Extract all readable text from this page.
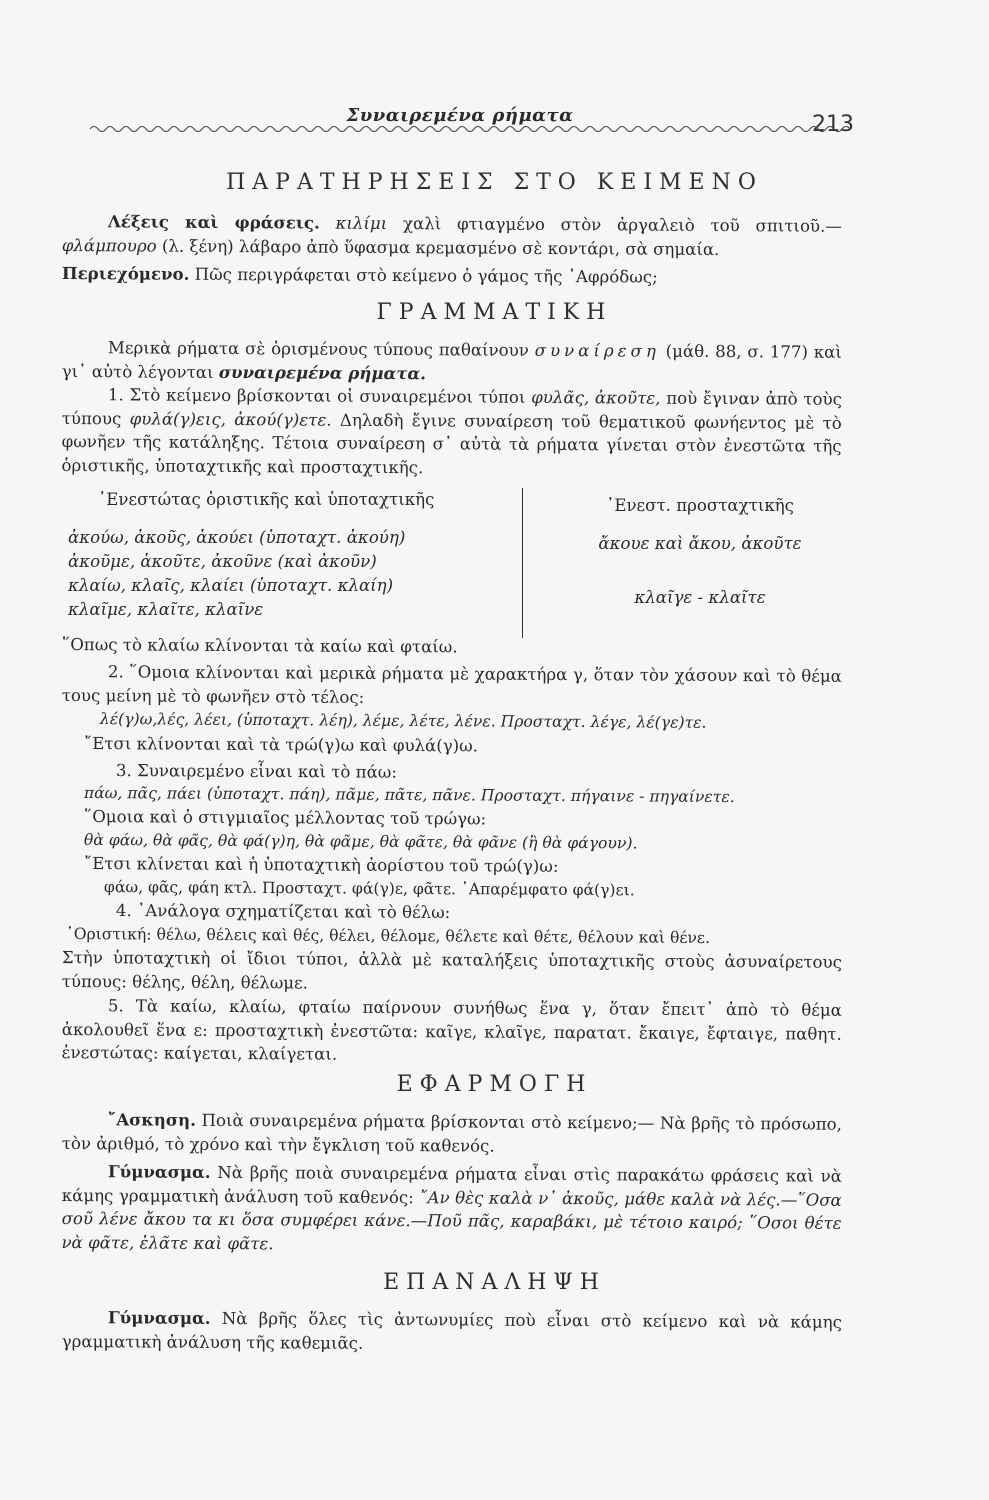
Συναιρεμένα ρήματα	213
ΠΑΡΑΤΗΡΗΣΕΙΣ ΣΤΟ ΚΕΙΜΕΝΟ
Λέξεις καὶ φράσεις. κιλίμι χαλὶ φτιαγμένο στὸν ἀργαλειὸ τοῦ σπιτιοῦ.— φλάμπουρο (λ. ξένη) λάβαρο ἀπὸ ὕφασμα κρεμασμένο σὲ κοντάρι, σὰ σημαία.
Περιεχόμενο. Πῶς περιγράφεται στὸ κείμενο ὁ γάμος τῆς ᾿Αφρόδως;
ΓΡΑΜΜΑΤΙΚΗ
Μερικὰ ρήματα σὲ ὁρισμένους τύπους παθαίνουν συναίρεση (μάθ. 88, σ. 177) καὶ γι᾿ αὐτὸ λέγονται συναιρεμένα ρήματα.
1. Στὸ κείμενο βρίσκονται οἱ συναιρεμένοι τύποι φυλᾶς, ἀκοῦτε, ποὺ ἔγιναν ἀπὸ τοὺς τύπους φυλά(γ)εις, ἀκού(γ)ετε. Δηλαδὴ ἔγινε συναίρεση τοῦ θεματικοῦ φωνήεντος μὲ τὸ φωνῆεν τῆς κατάληξης. Τέτοια συναίρεση σ᾿ αὐτὰ τὰ ρήματα γίνεται στὸν ἐνεστῶτα τῆς ὁριστικῆς, ὑποταχτικῆς καὶ προσταχτικῆς.
᾿Ενεστώτας ὁριστικῆς καὶ ὑποταχτικῆς
ἀκούω, ἀκοῦς, ἀκούει (ὑποταχτ. ἀκούη)
ἀκοῦμε, ἀκοῦτε, ἀκοῦνε (καὶ ἀκοῦν)
κλαίω, κλαῖς, κλαίει (ὑποταχτ. κλαίη)
κλαῖμε, κλαῖτε, κλαῖνε
᾿Ενεστ. προσταχτικῆς
ἄκουε καὶ ἄκου, ἀκοῦτε
κλαῖγε - κλαῖτε
῞Οπως τὸ κλαίω κλίνονται τὰ καίω καὶ φταίω.
2. ῞Ομοια κλίνονται καὶ μερικὰ ρήματα μὲ χαρακτήρα γ, ὅταν τὸν χάσουν καὶ τὸ θέμα τους μείνη μὲ τὸ φωνῆεν στὸ τέλος:
λέ(γ)ω,λές, λέει, (ὑποταχτ. λέη), λέμε, λέτε, λένε. Προσταχτ. λέγε, λέ(γε)τε.
῎Ετσι κλίνονται καὶ τὰ τρώ(γ)ω καὶ φυλά(γ)ω.
3. Συναιρεμένο εἶναι καὶ τὸ πάω:
πάω, πᾶς, πάει (ὑποταχτ. πάη), πᾶμε, πᾶτε, πᾶνε. Προσταχτ. πήγαινε - πηγαίνετε.
῞Ομοια καὶ ὁ στιγμιαῖος μέλλοντας τοῦ τρώγω:
θὰ φάω, θὰ φᾶς, θὰ φά(γ)η, θὰ φᾶμε, θὰ φᾶτε, θὰ φᾶνε (ἢ θὰ φάγουν).
῎Ετσι κλίνεται καὶ ἡ ὑποταχτικὴ ἀορίστου τοῦ τρώ(γ)ω:
φάω, φᾶς, φάη κτλ. Προσταχτ. φά(γ)ε, φᾶτε. ᾿Απαρέμφατο φά(γ)ει.
4. ᾿Ανάλογα σχηματίζεται καὶ τὸ θέλω:
῾Οριστική: θέλω, θέλεις καὶ θές, θέλει, θέλομε, θέλετε καὶ θέτε, θέλουν καὶ θένε.
Στὴν ὑποταχτικὴ οἱ ἴδιοι τύποι, ἀλλὰ μὲ καταλήξεις ὑποταχτικῆς στοὺς ἀσυναίρετους τύπους: θέλης, θέλη, θέλωμε.
5. Τὰ καίω, κλαίω, φταίω παίρνουν συνήθως ἕνα γ, ὅταν ἔπειτ᾿ ἀπὸ τὸ θέμα ἀκολουθεῖ ἕνα ε: προσταχτικὴ ἐνεστῶτα: καῖγε, κλαῖγε, παρατατ. ἔκαιγε, ἔφταιγε, παθητ. ἐνεστώτας: καίγεται, κλαίγεται.
ΕΦΑΡΜΟΓΗ
῎Ασκηση. Ποιὰ συναιρεμένα ρήματα βρίσκονται στὸ κείμενο;— Νὰ βρῆς τὸ πρόσωπο, τὸν ἀριθμό, τὸ χρόνο καὶ τὴν ἔγκλιση τοῦ καθενός.
Γύμνασμα. Νὰ βρῆς ποιὰ συναιρεμένα ρήματα εἶναι στὶς παρακάτω φράσεις καὶ νὰ κάμης γραμματικὴ ἀνάλυση τοῦ καθενός: ῎Αν θὲς καλὰ ν᾿ ἀκοῦς, μάθε καλὰ νὰ λές.—῞Οσα σοῦ λένε ἄκου τα κι ὅσα συμφέρει κάνε.—Ποῦ πᾶς, καραβάκι, μὲ τέτοιο καιρό; ῞Οσοι θέτε νὰ φᾶτε, ἐλᾶτε καὶ φᾶτε.
ΕΠΑΝΑΛΗΨΗ
Γύμνασμα. Νὰ βρῆς ὅλες τὶς ἀντωνυμίες ποὺ εἶναι στὸ κείμενο καὶ νὰ κάμης γραμματικὴ ἀνάλυση τῆς καθεμιᾶς.
